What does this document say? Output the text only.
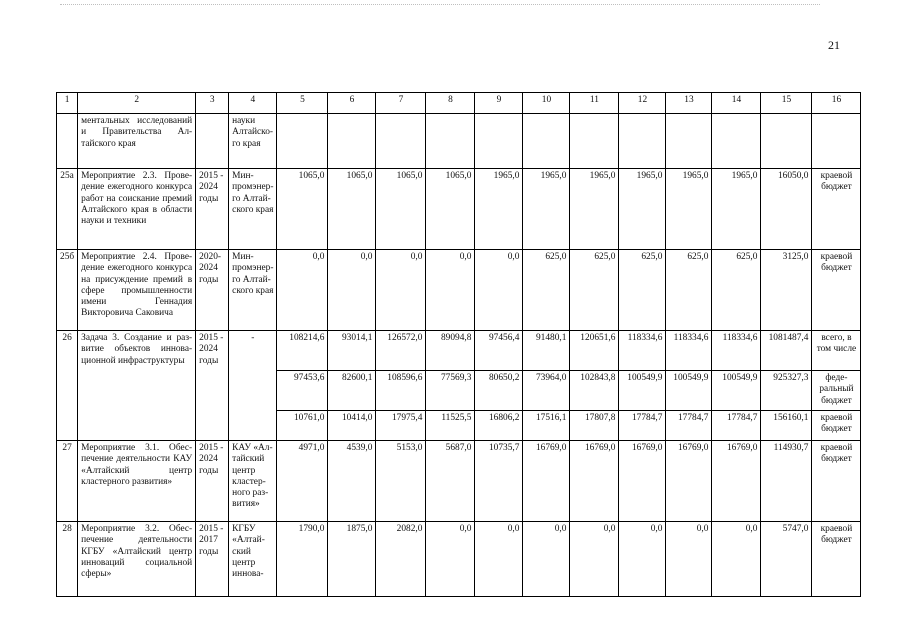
21
1	2	3	4	5	6	7	8	9	10	11	12	13	14	15	16
	ментальных исследований и Правительства Алтайского края		науки Алтайского края												
25а	Мероприятие 2.3. Проведение ежегодного конкурса работ на соискание премий Алтайского края в области науки и техники	2015 - 2024 годы	Минпромэнерго Алтайского края	1065,0	1065,0	1065,0	1065,0	1965,0	1965,0	1965,0	1965,0	1965,0	1965,0	16050,0	краевой бюджет
25б	Мероприятие 2.4. Проведение ежегодного конкурса на присуждение премий в сфере промышленности имени Геннадия Викторовича Саковича	2020-2024 годы	Минпромэнерго Алтайского края	0,0	0,0	0,0	0,0	0,0	625,0	625,0	625,0	625,0	625,0	3125,0	краевой бюджет
26	Задача 3. Создание и развитие объектов инновационной инфраструктуры	2015 - 2024 годы	-	108214,6	93014,1	126572,0	89094,8	97456,4	91480,1	120651,6	118334,6	118334,6	118334,6	1081487,4	всего, в том числе
				97453,6	82600,1	108596,6	77569,3	80650,2	73964,0	102843,8	100549,9	100549,9	100549,9	925327,3	федеральный бюджет
				10761,0	10414,0	17975,4	11525,5	16806,2	17516,1	17807,8	17784,7	17784,7	17784,7	156160,1	краевой бюджет
27	Мероприятие 3.1. Обеспечение деятельности КАУ «Алтайский центр кластерного развития»	2015 - 2024 годы	КАУ «Алтайский центр кластерного развития»	4971,0	4539,0	5153,0	5687,0	10735,7	16769,0	16769,0	16769,0	16769,0	16769,0	114930,7	краевой бюджет
28	Мероприятие 3.2. Обеспечение деятельности КГБУ «Алтайский центр инноваций социальной сферы»	2015 - 2017 годы	КГБУ «Алтайский центр иннова-	1790,0	1875,0	2082,0	0,0	0,0	0,0	0,0	0,0	0,0	0,0	5747,0	краевой бюджет
